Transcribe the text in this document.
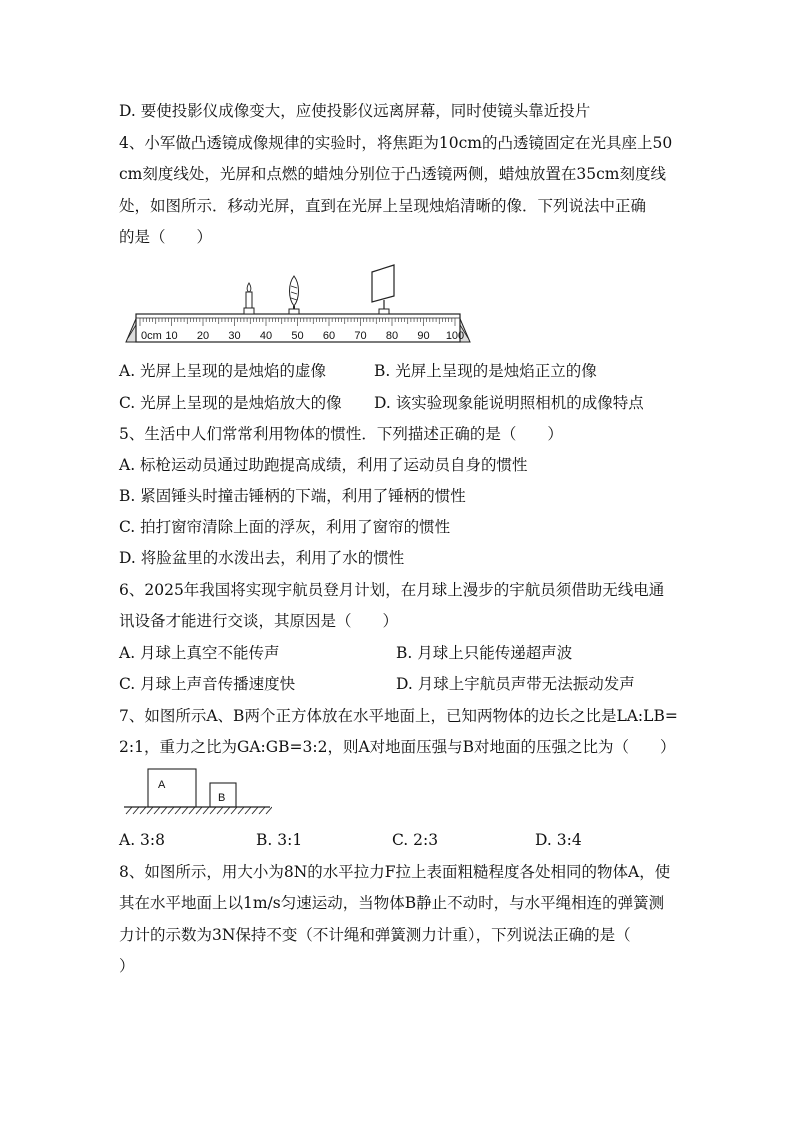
D. 要使投影仪成像变大，应使投影仪远离屏幕，同时使镜头靠近投片
4、小军做凸透镜成像规律的实验时，将焦距为10cm的凸透镜固定在光具座上50
cm刻度线处，光屏和点燃的蜡烛分别位于凸透镜两侧，蜡烛放置在35cm刻度线
处，如图所示．移动光屏，直到在光屏上呈现烛焰清晰的像．下列说法中正确
的是（　　）
0cm 10 20 30 40 50 60 70 80 90 100
A. 光屏上呈现的是烛焰的虚像	B. 光屏上呈现的是烛焰正立的像
C. 光屏上呈现的是烛焰放大的像 D. 该实验现象能说明照相机的成像特点
5、生活中人们常常利用物体的惯性．下列描述正确的是（　　）
A. 标枪运动员通过助跑提高成绩，利用了运动员自身的惯性
B. 紧固锤头时撞击锤柄的下端，利用了锤柄的惯性
C. 拍打窗帘清除上面的浮灰，利用了窗帘的惯性
D. 将脸盆里的水泼出去，利用了水的惯性
6、2025年我国将实现宇航员登月计划，在月球上漫步的宇航员须借助无线电通
讯设备才能进行交谈，其原因是（　　）
A. 月球上真空不能传声	B. 月球上只能传递超声波
C. 月球上声音传播速度快	D. 月球上宇航员声带无法振动发声
7、如图所示A、B两个正方体放在水平地面上，已知两物体的边长之比是LA:LB=
2:1，重力之比为GA:GB=3:2，则A对地面压强与B对地面的压强之比为（　　）
A
B
A. 3:8	B. 3:1	C. 2:3	D. 3:4
8、如图所示，用大小为8N的水平拉力F拉上表面粗糙程度各处相同的物体A，使
其在水平地面上以1m/s匀速运动，当物体B静止不动时，与水平绳相连的弹簧测
力计的示数为3N保持不变（不计绳和弹簧测力计重），下列说法正确的是（
）
